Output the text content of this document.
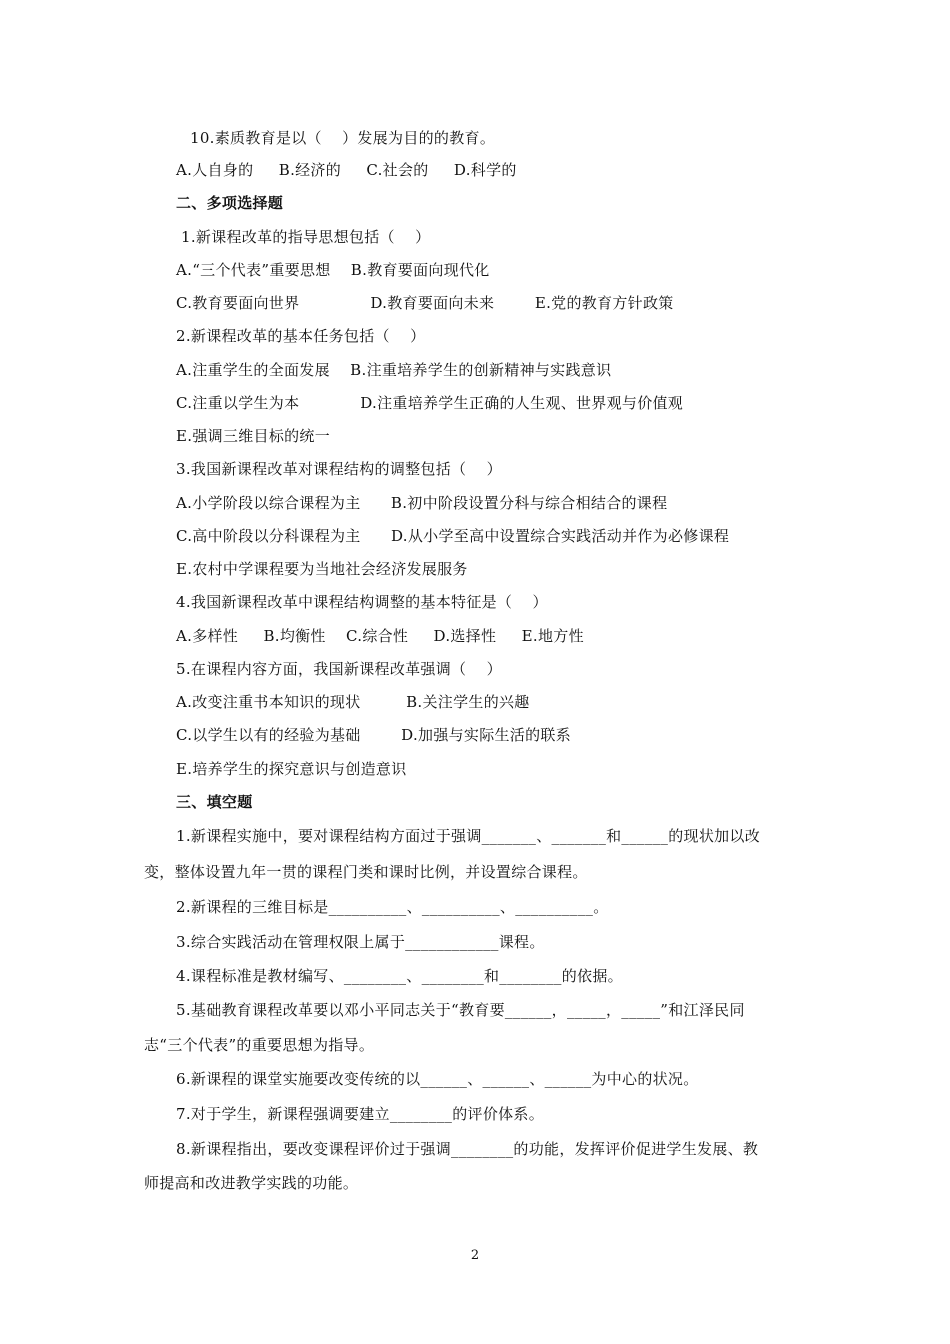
10.素质教育是以（    ）发展为目的的教育。
A.人自身的     B.经济的     C.社会的     D.科学的
二、多项选择题
1.新课程改革的指导思想包括（    ）
A.“三个代表”重要思想    B.教育要面向现代化
C.教育要面向世界              D.教育要面向未来        E.党的教育方针政策
2.新课程改革的基本任务包括（    ）
A.注重学生的全面发展    B.注重培养学生的创新精神与实践意识
C.注重以学生为本            D.注重培养学生正确的人生观、世界观与价值观
E.强调三维目标的统一
3.我国新课程改革对课程结构的调整包括（    ）
A.小学阶段以综合课程为主      B.初中阶段设置分科与综合相结合的课程
C.高中阶段以分科课程为主      D.从小学至高中设置综合实践活动并作为必修课程
E.农村中学课程要为当地社会经济发展服务
4.我国新课程改革中课程结构调整的基本特征是（    ）
A.多样性     B.均衡性    C.综合性     D.选择性     E.地方性
5.在课程内容方面，我国新课程改革强调（    ）
A.改变注重书本知识的现状         B.关注学生的兴趣
C.以学生以有的经验为基础        D.加强与实际生活的联系
E.培养学生的探究意识与创造意识
三、填空题
1.新课程实施中，要对课程结构方面过于强调_______、_______和______的现状加以改
变，整体设置九年一贯的课程门类和课时比例，并设置综合课程。
2.新课程的三维目标是__________、__________、__________。
3.综合实践活动在管理权限上属于____________课程。
4.课程标准是教材编写、________、________和________的依据。
5.基础教育课程改革要以邓小平同志关于“教育要______，_____，_____”和江泽民同
志“三个代表”的重要思想为指导。
6.新课程的课堂实施要改变传统的以______、______、______为中心的状况。
7.对于学生，新课程强调要建立________的评价体系。
8.新课程指出，要改变课程评价过于强调________的功能，发挥评价促进学生发展、教
师提高和改进教学实践的功能。
2
